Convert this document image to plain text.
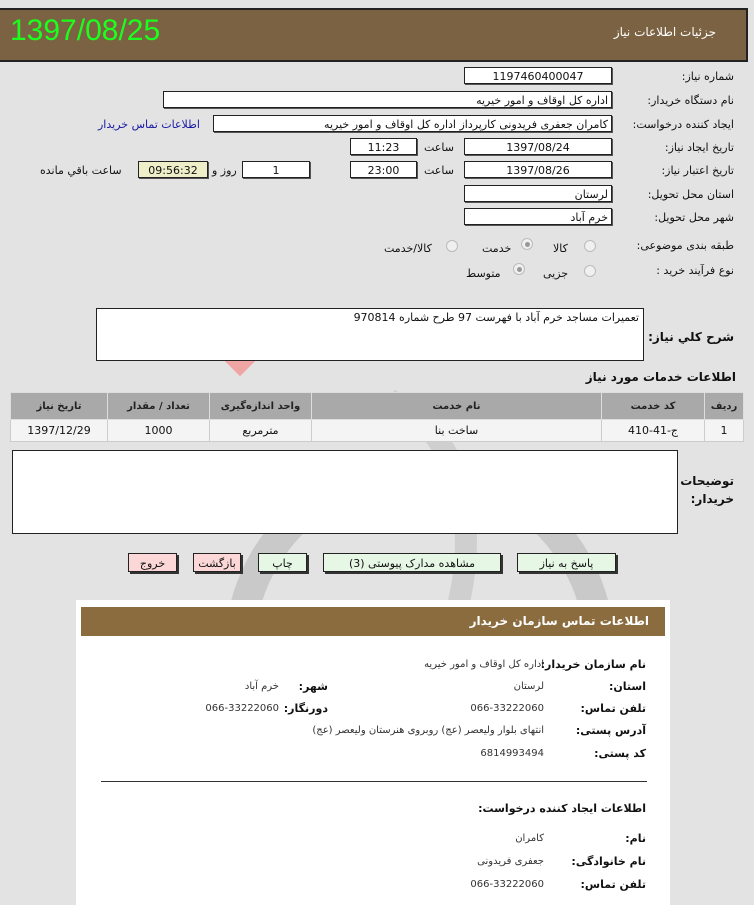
1397/08/25	جزئیات اطلاعات نیاز
شماره نیاز:
1197460400047
نام دستگاه خریدار:
اداره کل اوقاف و امور خیریه
ایجاد کننده درخواست:
کامران جعفری فریدونی کارپرداز اداره کل اوقاف و امور خیریه
اطلاعات تماس خریدار
تاریخ ایجاد نیاز:
1397/08/24
ساعت
11:23
تاریخ اعتبار نیاز:
1397/08/26
ساعت
23:00
1
روز و
09:56:32
ساعت باقي مانده
استان محل تحویل:
لرستان
شهر محل تحویل:
خرم آباد
طبقه بندی موضوعی:
کالا
خدمت
کالا/خدمت
نوع فرآیند خرید :
جزیی
متوسط
شرح کلي نياز:
تعمیرات مساجد خرم آباد با فهرست 97 طرح شماره 970814
اطلاعات خدمات مورد نیاز
ردیف	کد خدمت	نام خدمت	واحد اندازه‌گیری	تعداد / مقدار	تاریخ نیاز
1	ج-41-410	ساخت بنا	مترمربع	1000	1397/12/29
توضيحات
خريدار:
پاسخ به نیاز
مشاهده مدارک پیوستی (3)
چاپ
بازگشت
خروج
اطلاعات تماس سازمان خریدار
نام سازمان خریدار:
اداره کل اوقاف و امور خیریه
استان:
لرستان
شهر:
خرم آباد
تلفن تماس:
066-33222060
دورنگار:
066-33222060
آدرس پستی:
انتهای بلوار ولیعصر (عج) روبروی هنرستان ولیعصر (عج)
کد پستی:
6814993494
اطلاعات ایجاد کننده درخواست:
نام:
کامران
نام خانوادگی:
جعفری فریدونی
تلفن تماس:
066-33222060
